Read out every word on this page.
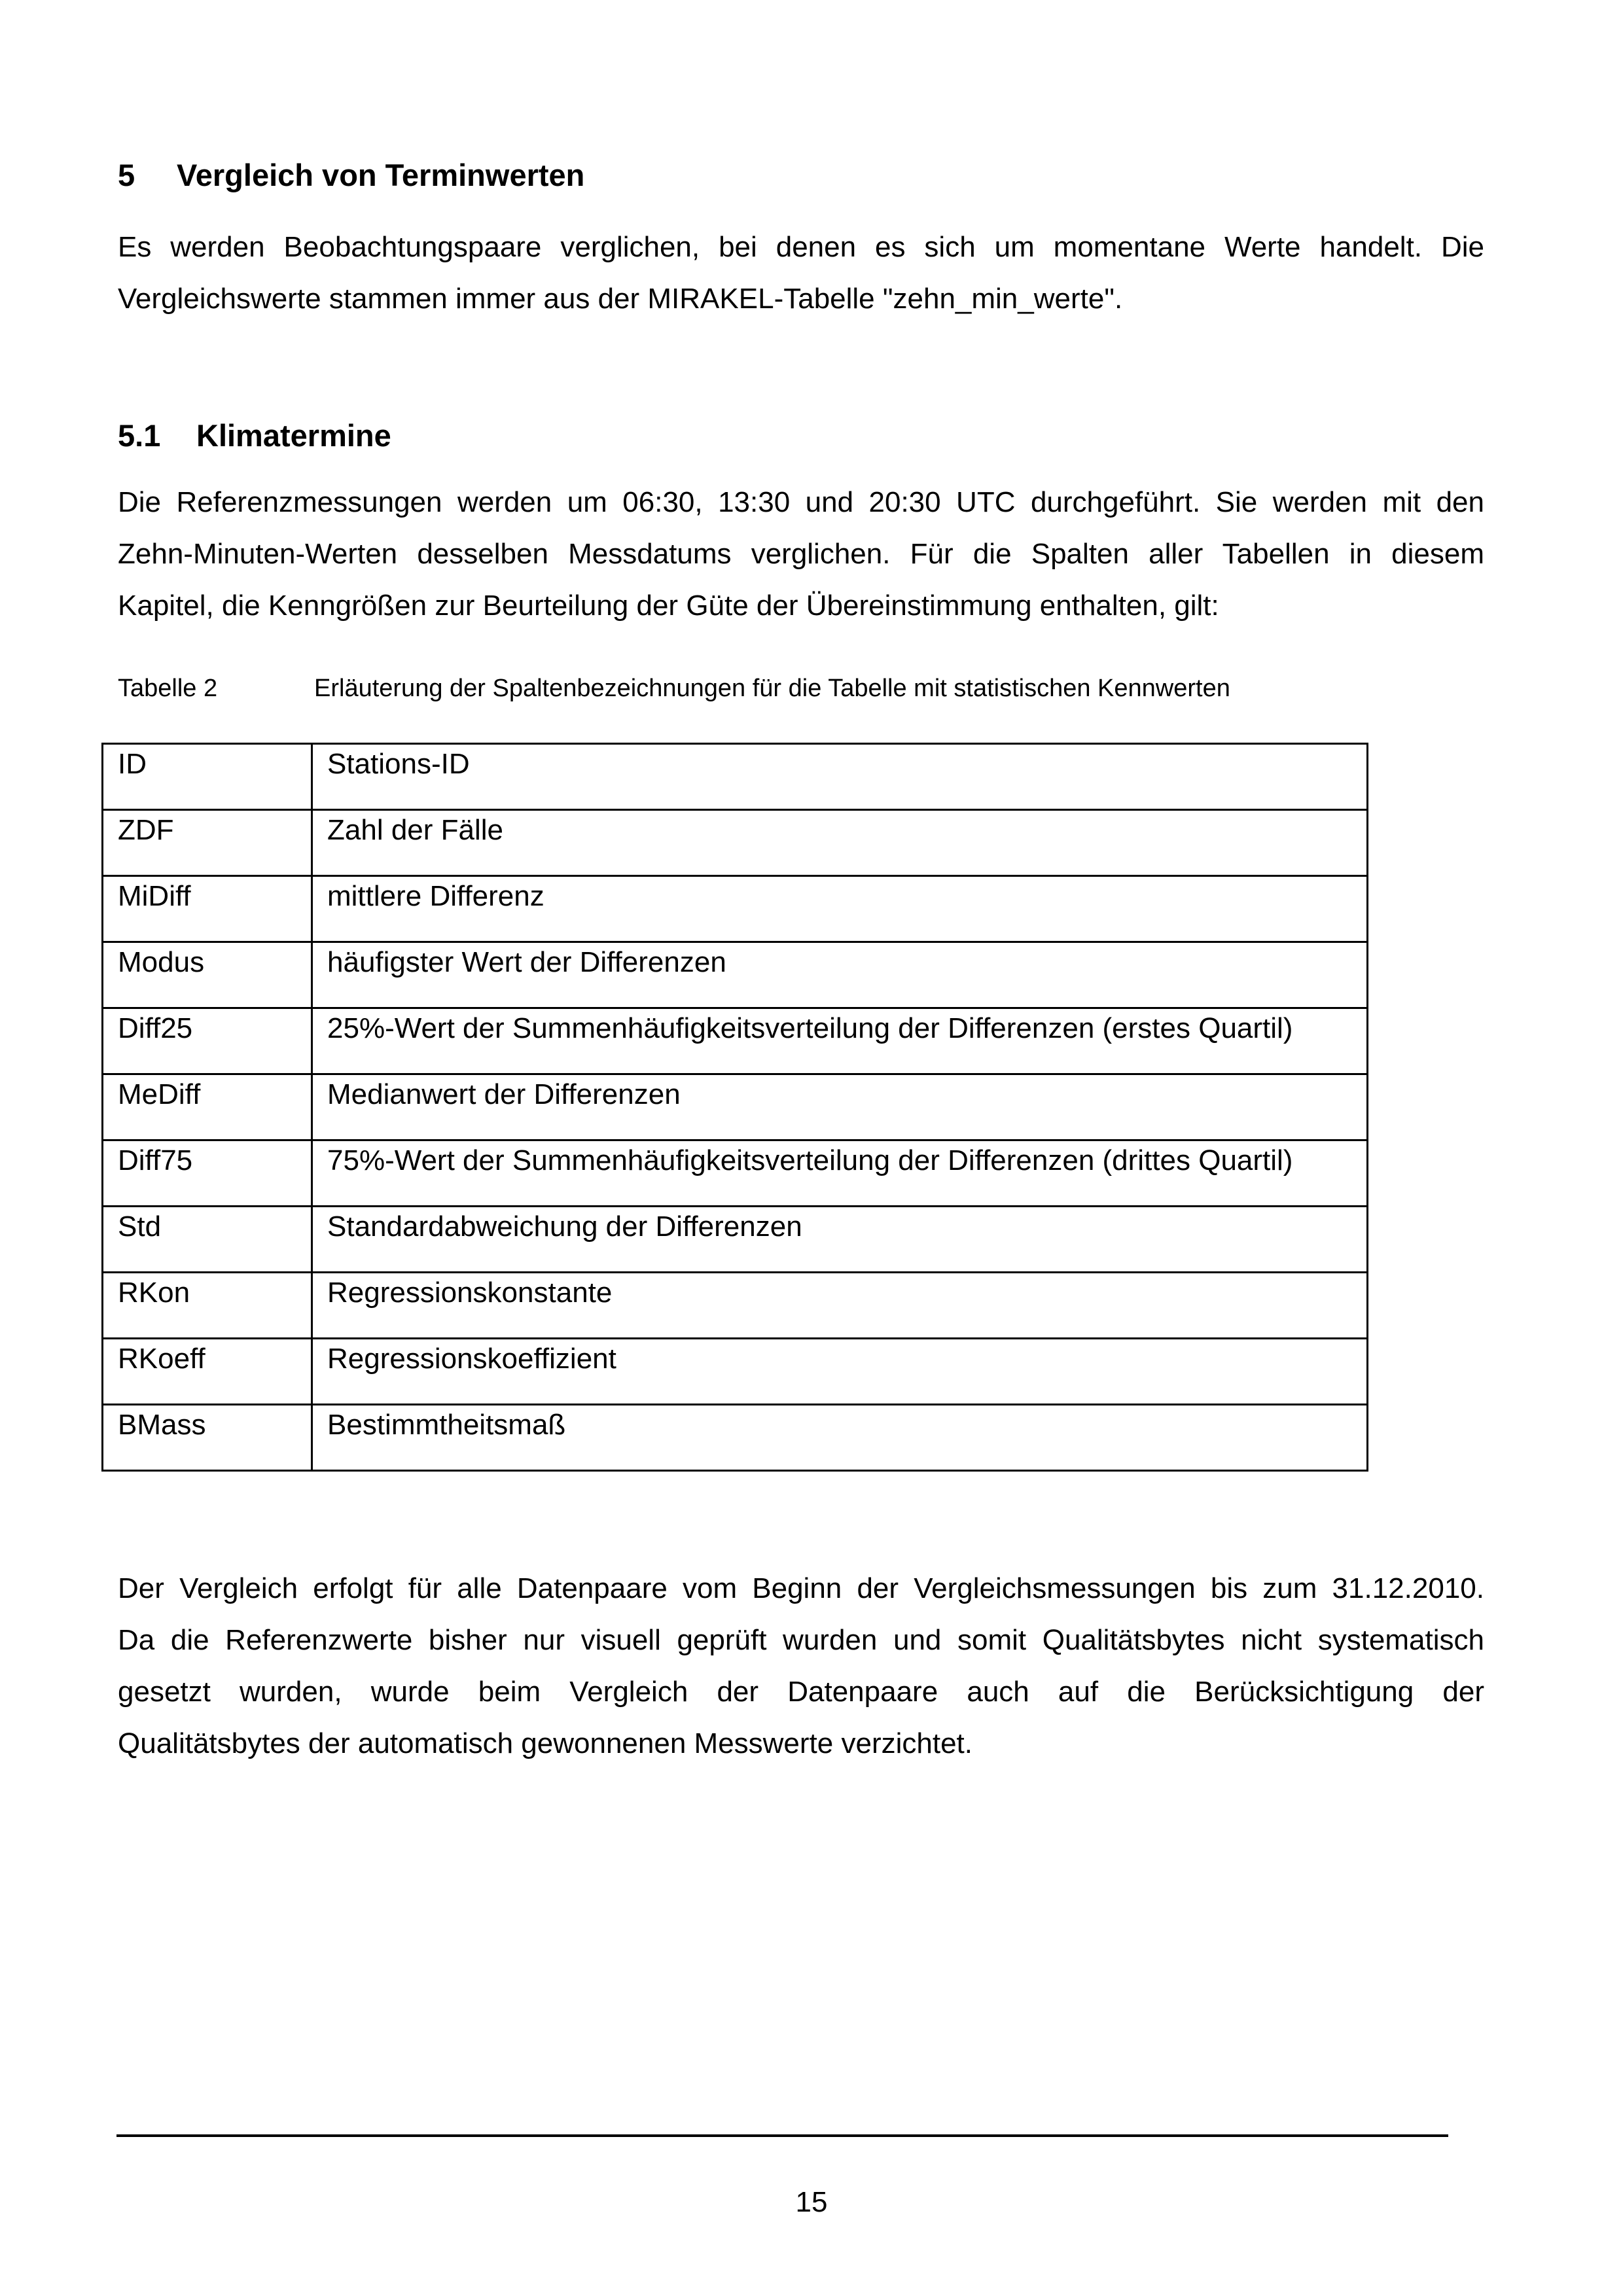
5 Vergleich von Terminwerten

Es werden Beobachtungspaare verglichen, bei denen es sich um momentane Werte handelt. Die
Vergleichswerte stammen immer aus der MIRAKEL-Tabelle "zehn_min_werte".

5.1 Klimatermine

Die Referenzmessungen werden um 06:30, 13:30 und 20:30 UTC durchgeführt. Sie werden mit den
Zehn-Minuten-Werten desselben Messdatums verglichen. Für die Spalten aller Tabellen in diesem
Kapitel, die Kenngrößen zur Beurteilung der Güte der Übereinstimmung enthalten, gilt:

Tabelle 2	Erläuterung der Spaltenbezeichnungen für die Tabelle mit statistischen Kennwerten
ID	Stations-ID
ZDF	Zahl der Fälle
MiDiff	mittlere Differenz
Modus	häufigster Wert der Differenzen
Diff25	25%-Wert der Summenhäufigkeitsverteilung der Differenzen (erstes Quartil)
MeDiff	Medianwert der Differenzen
Diff75	75%-Wert der Summenhäufigkeitsverteilung der Differenzen (drittes Quartil)
Std	Standardabweichung der Differenzen
RKon	Regressionskonstante
RKoeff	Regressionskoeffizient
BMass	Bestimmtheitsmaß

Der Vergleich erfolgt für alle Datenpaare vom Beginn der Vergleichsmessungen bis zum 31.12.2010.
Da die Referenzwerte bisher nur visuell geprüft wurden und somit Qualitätsbytes nicht systematisch
gesetzt wurden, wurde beim Vergleich der Datenpaare auch auf die Berücksichtigung der
Qualitätsbytes der automatisch gewonnenen Messwerte verzichtet.

15
